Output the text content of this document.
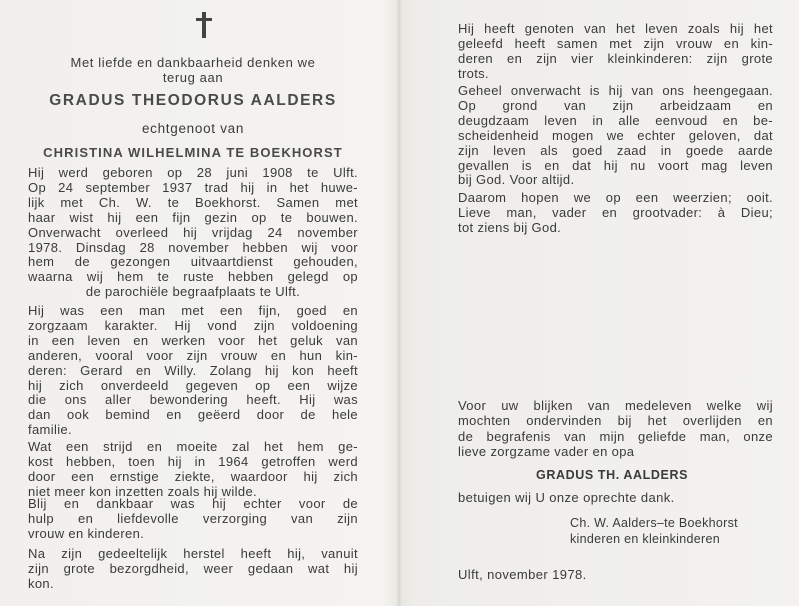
Met liefde en dankbaarheid denken we
terug aan
GRADUS THEODORUS AALDERS
echtgenoot van
CHRISTINA WILHELMINA TE BOEKHORST
Hij werd geboren op 28 juni 1908 te Ulft.
Op 24 september 1937 trad hij in het huwe-
lijk met Ch. W. te Boekhorst. Samen met
haar wist hij een fijn gezin op te bouwen.
Onverwacht overleed hij vrijdag 24 november
1978. Dinsdag 28 november hebben wij voor
hem de gezongen uitvaartdienst gehouden,
waarna wij hem te ruste hebben gelegd op
de parochiële begraafplaats te Ulft.
Hij was een man met een fijn, goed en
zorgzaam karakter. Hij vond zijn voldoening
in een leven en werken voor het geluk van
anderen, vooral voor zijn vrouw en hun kin-
deren: Gerard en Willy. Zolang hij kon heeft
hij zich onverdeeld gegeven op een wijze
die ons aller bewondering heeft. Hij was
dan ook bemind en geëerd door de hele
familie.
Wat een strijd en moeite zal het hem ge-
kost hebben, toen hij in 1964 getroffen werd
door een ernstige ziekte, waardoor hij zich
niet meer kon inzetten zoals hij wilde.
Blij en dankbaar was hij echter voor de
hulp en liefdevolle verzorging van zijn
vrouw en kinderen.
Na zijn gedeeltelijk herstel heeft hij, vanuit
zijn grote bezorgdheid, weer gedaan wat hij
kon.
Hij heeft genoten van het leven zoals hij het
geleefd heeft samen met zijn vrouw en kin-
deren en zijn vier kleinkinderen: zijn grote
trots.
Geheel onverwacht is hij van ons heengegaan.
Op grond van zijn arbeidzaam en
deugdzaam leven in alle eenvoud en be-
scheidenheid mogen we echter geloven, dat
zijn leven als goed zaad in goede aarde
gevallen is en dat hij nu voort mag leven
bij God. Voor altijd.
Daarom hopen we op een weerzien; ooit.
Lieve man, vader en grootvader: à Dieu;
tot ziens bij God.
Voor uw blijken van medeleven welke wij
mochten ondervinden bij het overlijden en
de begrafenis van mijn geliefde man, onze
lieve zorgzame vader en opa
GRADUS TH. AALDERS
betuigen wij U onze oprechte dank.
Ch. W. Aalders–te Boekhorst
kinderen en kleinkinderen
Ulft, november 1978.
